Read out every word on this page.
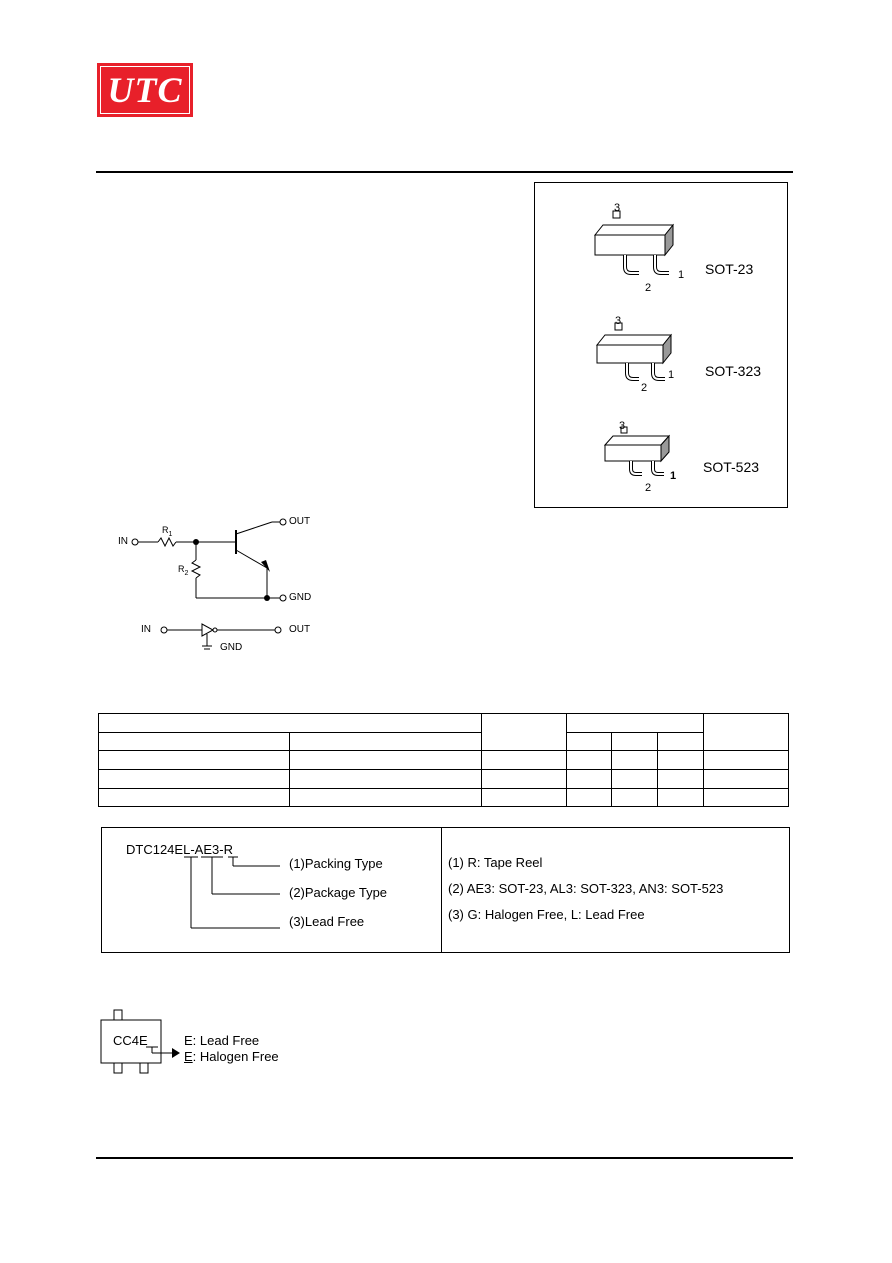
UTC
3
2
1 SOT-23
3
2
1 SOT-323
3
2
1
SOT-523
IN
$R_1$
$R_2$
OUT
GND
IN	OUT
GND

DTC124EL-AE3-R
(1)Packing Type
(2)Package Type
(3)Lead Free
(1) R: Tape Reel
(2) AE3: SOT-23, AL3: SOT-323, AN3: SOT-523
(3) G: Halogen Free, L: Lead Free
CC4E	E: Lead Free
E: Halogen Free
